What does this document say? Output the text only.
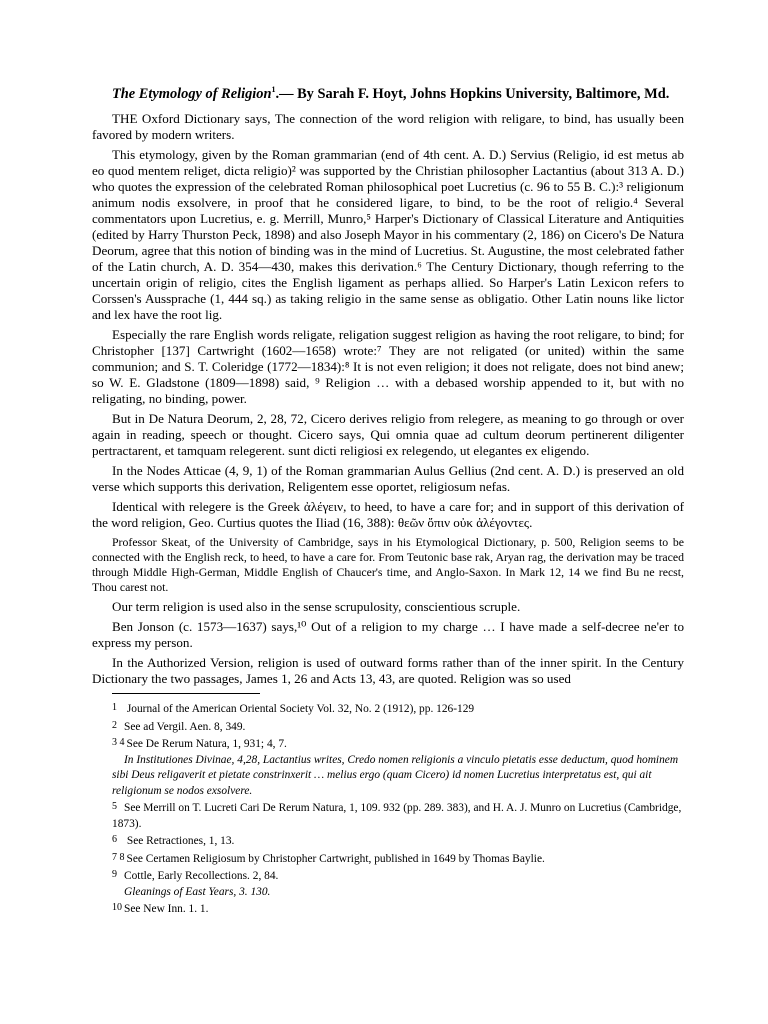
The Etymology of Religion$^1$.— By Sarah F. Hoyt, Johns Hopkins University, Baltimore, Md.

THE Oxford Dictionary says, The connection of the word religion with religare, to bind, has usually been favored by modern writers.

This etymology, given by the Roman grammarian (end of 4th cent. A. D.) Servius (Religio, id est metus ab eo quod mentem religet, dicta religio)² was supported by the Christian philosopher Lactantius (about 313 A. D.) who quotes the expression of the celebrated Roman philosophical poet Lucretius (c. 96 to 55 B. C.):³ religionum animum nodis exsolvere, in proof that he considered ligare, to bind, to be the root of religio.⁴ Several commentators upon Lucretius, e. g. Merrill, Munro,⁵ Harper's Dictionary of Classical Literature and Antiquities (edited by Harry Thurston Peck, 1898) and also Joseph Mayor in his commentary (2, 186) on Cicero's De Natura Deorum, agree that this notion of binding was in the mind of Lucretius. St. Augustine, the most celebrated father of the Latin church, A. D. 354—430, makes this derivation.⁶ The Century Dictionary, though referring to the uncertain origin of religio, cites the English ligament as perhaps allied. So Harper's Latin Lexicon refers to Corssen's Aussprache (1, 444 sq.) as taking religio in the same sense as obligatio. Other Latin nouns like lictor and lex have the root lig.

Especially the rare English words religate, religation suggest religion as having the root religare, to bind; for Christopher [137] Cartwright (1602—1658) wrote:⁷ They are not religated (or united) within the same communion; and S. T. Coleridge (1772—1834):⁸ It is not even religion; it does not religate, does not bind anew; so W. E. Gladstone (1809—1898) said, ⁹ Religion … with a debased worship appended to it, but with no religating, no binding, power.

But in De Natura Deorum, 2, 28, 72, Cicero derives religio from relegere, as meaning to go through or over again in reading, speech or thought. Cicero says, Qui omnia quae ad cultum deorum pertinerent diligenter pertractarent, et tamquam relegerent. sunt dicti religiosi ex relegendo, ut elegantes ex eligendo.

In the Nodes Atticae (4, 9, 1) of the Roman grammarian Aulus Gellius (2nd cent. A. D.) is preserved an old verse which supports this derivation, Religentem esse oportet, religiosum nefas.

Identical with relegere is the Greek ἀλέγειν, to heed, to have a care for; and in support of this derivation of the word religion, Geo. Curtius quotes the Iliad (16, 388): θεῶν ὄπιν οὐκ ἀλέγοντες.

Professor Skeat, of the University of Cambridge, says in his Etymological Dictionary, p. 500, Religion seems to be connected with the English reck, to heed, to have a care for. From Teutonic base rak, Aryan rag, the derivation may be traced through Middle High-German, Middle English of Chaucer's time, and Anglo-Saxon. In Mark 12, 14 we find Bu ne recst, Thou carest not.

Our term religion is used also in the sense scrupulosity, conscientious scruple.

Ben Jonson (c. 1573—1637) says,¹⁰ Out of a religion to my charge … I have made a self-decree ne'er to express my person.

In the Authorized Version, religion is used of outward forms rather than of the inner spirit. In the Century Dictionary the two passages, James 1, 26 and Acts 13, 43, are quoted. Religion was so used

1 Journal of the American Oriental Society Vol. 32, No. 2 (1912), pp. 126-129

2 See ad Vergil. Aen. 8, 349.

3 4 See De Rerum Natura, 1, 931; 4, 7.

In Institutiones Divinae, 4,28, Lactantius writes, Credo nomen religionis a vinculo pietatis esse deductum, quod hominem sibi Deus religaverit et pietate constrinxerit … melius ergo (quam Cicero) id nomen Lucretius interpretatus est, qui ait religionum se nodos exsolvere.

5 See Merrill on T. Lucreti Cari De Rerum Natura, 1, 109. 932 (pp. 289. 383), and H. A. J. Munro on Lucretius (Cambridge, 1873).

6 See Retractiones, 1, 13.

7 8 See Certamen Religiosum by Christopher Cartwright, published in 1649 by Thomas Baylie.

9 Cottle, Early Recollections. 2, 84.

Gleanings of East Years, 3. 130.

10 See New Inn. 1. 1.
